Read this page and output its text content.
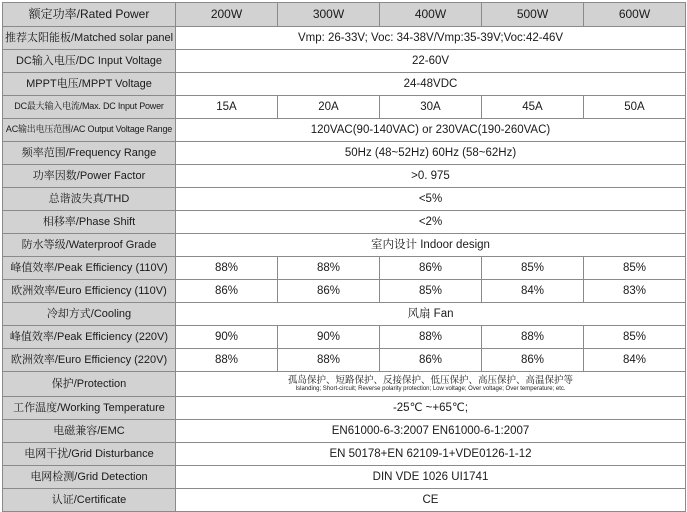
额定功率/Rated Power	200W	300W	400W	500W	600W
推荐太阳能板/Matched solar panel	Vmp: 26-33V; Voc: 34-38V/Vmp:35-39V;Voc:42-46V				
DC输入电压/DC Input Voltage	22-60V				
MPPT电压/MPPT Voltage	24-48VDC				
DC最大输入电流/Max. DC Input Power	15A	20A	30A	45A	50A
AC输出电压范围/AC Output Voltage Range	120VAC(90-140VAC) or 230VAC(190-260VAC)				
频率范围/Frequency Range	50Hz (48~52Hz) 60Hz (58~62Hz)				
功率因数/Power Factor	>0. 975				
总谐波失真/THD	<5%				
相移率/Phase Shift	<2%				
防水等级/Waterproof Grade	室内设计 Indoor design				
峰值效率/Peak Efficiency (110V)	88%	88%	86%	85%	85%
欧洲效率/Euro Efficiency (110V)	86%	86%	85%	84%	83%
冷却方式/Cooling	风扇 Fan				
峰值效率/Peak Efficiency (220V)	90%	90%	88%	88%	85%
欧洲效率/Euro Efficiency (220V)	88%	88%	86%	86%	84%
保护/Protection	孤岛保护、短路保护、反接保护、低压保护、高压保护、高温保护等
Islanding; Short-circuit; Reverse polarity protection; Low voltage; Over voltage; Over temperature; etc.				

工作温度/Working Temperature	-25℃ ~+65℃;				
电磁兼容/EMC	EN61000-6-3:2007 EN61000-6-1:2007				
电网干扰/Grid Disturbance	EN 50178+EN 62109-1+VDE0126-1-12				
电网检测/Grid Detection	DIN VDE 1026 UI1741				
认证/Certificate	CE				
